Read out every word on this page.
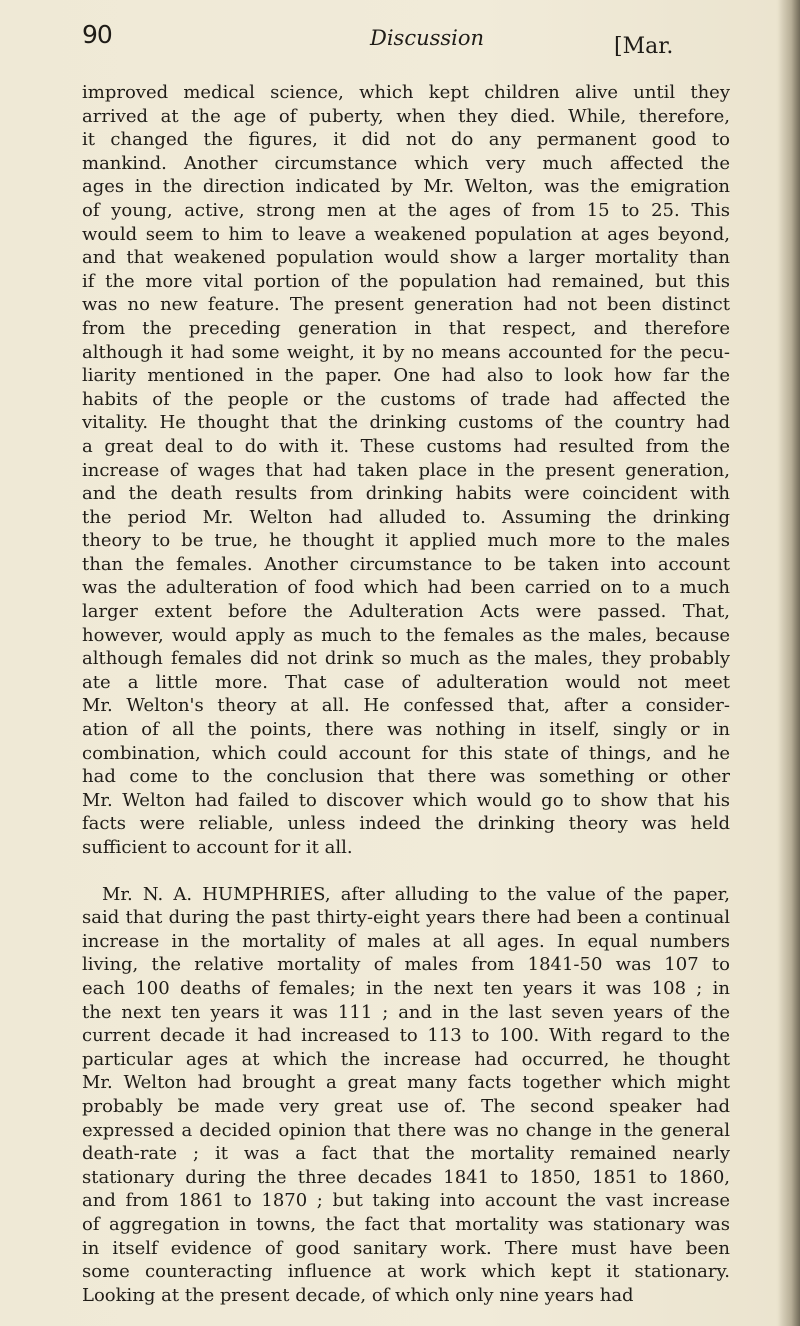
90	Discussion	[Mar.
improved medical science, which kept children alive until they
arrived at the age of puberty, when they died. While, therefore,
it changed the figures, it did not do any permanent good to
mankind. Another circumstance which very much affected the
ages in the direction indicated by Mr. Welton, was the emigration
of young, active, strong men at the ages of from 15 to 25. This
would seem to him to leave a weakened population at ages beyond,
and that weakened population would show a larger mortality than
if the more vital portion of the population had remained, but this
was no new feature. The present generation had not been distinct
from the preceding generation in that respect, and therefore
although it had some weight, it by no means accounted for the pecu-
liarity mentioned in the paper. One had also to look how far the
habits of the people or the customs of trade had affected the
vitality. He thought that the drinking customs of the country had
a great deal to do with it. These customs had resulted from the
increase of wages that had taken place in the present generation,
and the death results from drinking habits were coincident with
the period Mr. Welton had alluded to. Assuming the drinking
theory to be true, he thought it applied much more to the males
than the females. Another circumstance to be taken into account
was the adulteration of food which had been carried on to a much
larger extent before the Adulteration Acts were passed. That,
however, would apply as much to the females as the males, because
although females did not drink so much as the males, they probably
ate a little more. That case of adulteration would not meet
Mr. Welton's theory at all. He confessed that, after a consider-
ation of all the points, there was nothing in itself, singly or in
combination, which could account for this state of things, and he
had come to the conclusion that there was something or other
Mr. Welton had failed to discover which would go to show that his
facts were reliable, unless indeed the drinking theory was held
sufficient to account for it all.
Mr. N. A. HUMPHRIES, after alluding to the value of the paper,
said that during the past thirty-eight years there had been a continual
increase in the mortality of males at all ages. In equal numbers
living, the relative mortality of males from 1841-50 was 107 to
each 100 deaths of females; in the next ten years it was 108 ; in
the next ten years it was 111 ; and in the last seven years of the
current decade it had increased to 113 to 100. With regard to the
particular ages at which the increase had occurred, he thought
Mr. Welton had brought a great many facts together which might
probably be made very great use of. The second speaker had
expressed a decided opinion that there was no change in the general
death-rate ; it was a fact that the mortality remained nearly
stationary during the three decades 1841 to 1850, 1851 to 1860,
and from 1861 to 1870 ; but taking into account the vast increase
of aggregation in towns, the fact that mortality was stationary was
in itself evidence of good sanitary work. There must have been
some counteracting influence at work which kept it stationary.
Looking at the present decade, of which only nine years had
